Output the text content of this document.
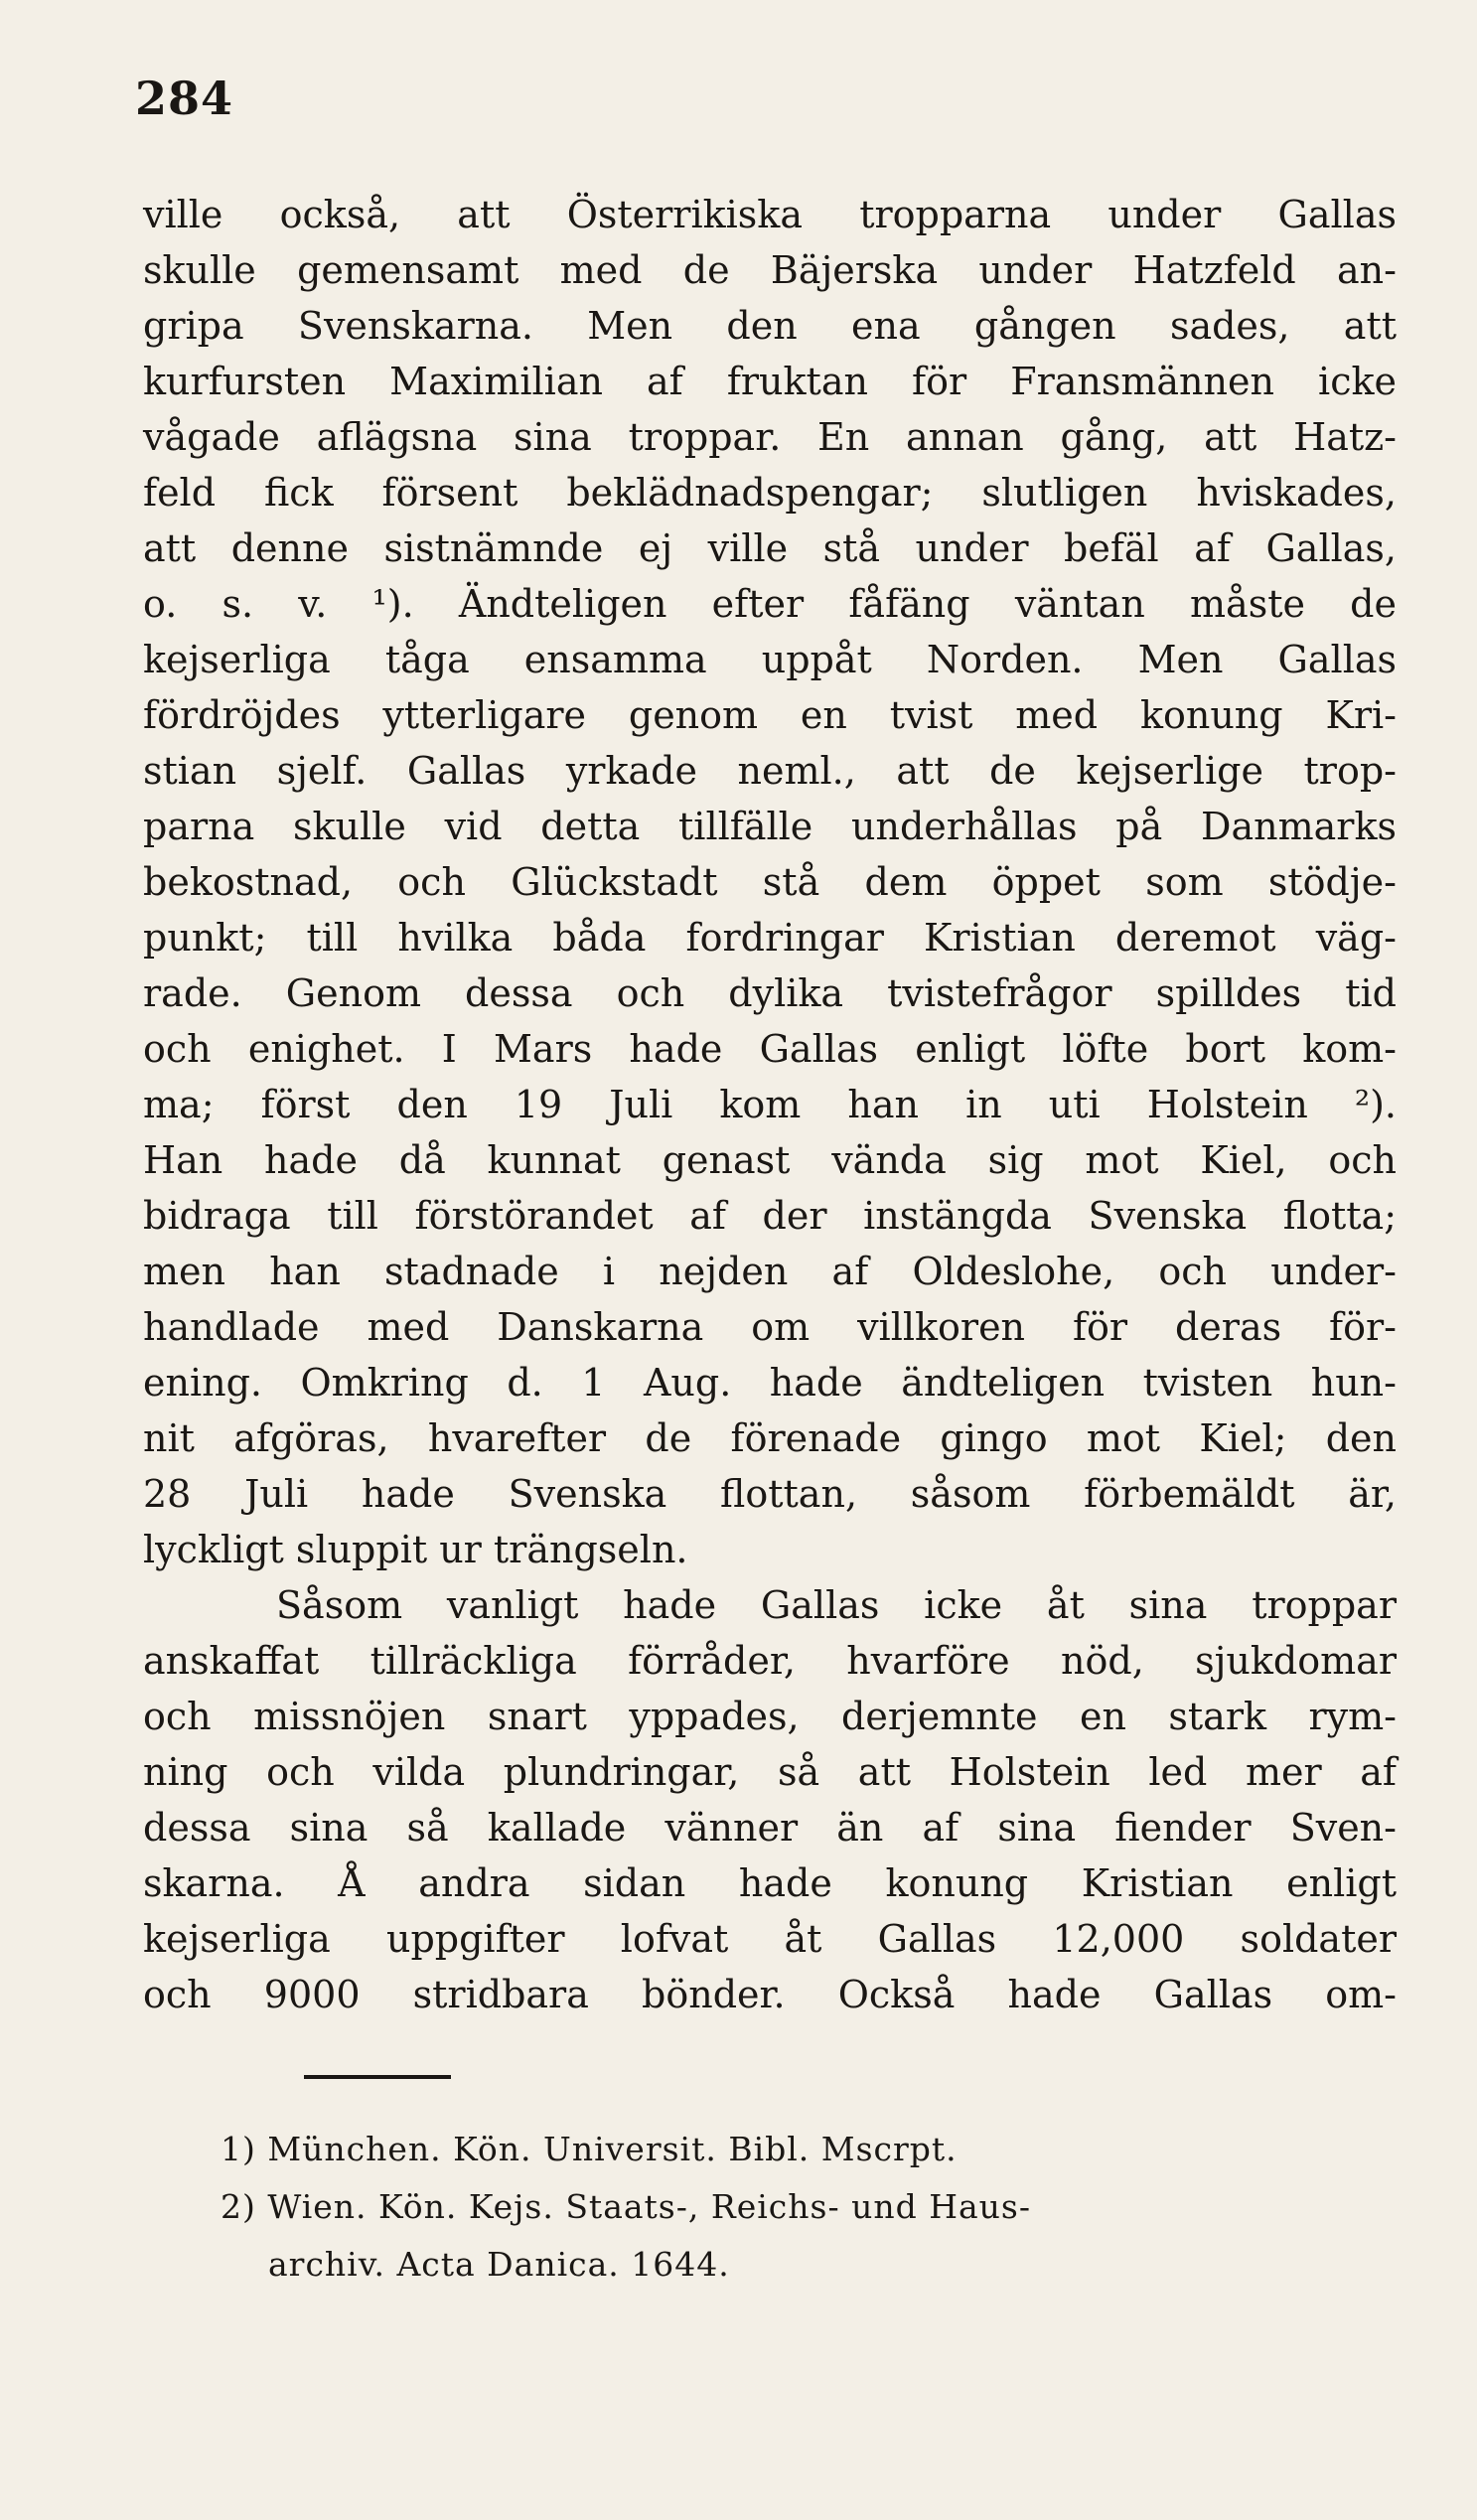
284
ville också, att Österrikiska tropparna under Gallas
skulle gemensamt med de Bäjerska under Hatzfeld an-
gripa Svenskarna. Men den ena gången sades, att
kurfursten Maximilian af fruktan för Fransmännen icke
vågade aflägsna sina troppar. En annan gång, att Hatz-
feld fick försent beklädnadspengar; slutligen hviskades,
att denne sistnämnde ej ville stå under befäl af Gallas,
o. s. v. ¹). Ändteligen efter fåfäng väntan måste de
kejserliga tåga ensamma uppåt Norden. Men Gallas
fördröjdes ytterligare genom en tvist med konung Kri-
stian sjelf. Gallas yrkade neml., att de kejserlige trop-
parna skulle vid detta tillfälle underhållas på Danmarks
bekostnad, och Glückstadt stå dem öppet som stödje-
punkt; till hvilka båda fordringar Kristian deremot väg-
rade. Genom dessa och dylika tvistefrågor spilldes tid
och enighet. I Mars hade Gallas enligt löfte bort kom-
ma; först den 19 Juli kom han in uti Holstein ²).
Han hade då kunnat genast vända sig mot Kiel, och
bidraga till förstörandet af der instängda Svenska flotta;
men han stadnade i nejden af Oldeslohe, och under-
handlade med Danskarna om villkoren för deras för-
ening. Omkring d. 1 Aug. hade ändteligen tvisten hun-
nit afgöras, hvarefter de förenade gingo mot Kiel; den
28 Juli hade Svenska flottan, såsom förbemäldt är,
lyckligt sluppit ur trängseln.
Såsom vanligt hade Gallas icke åt sina troppar
anskaffat tillräckliga förråder, hvarföre nöd, sjukdomar
och missnöjen snart yppades, derjemnte en stark rym-
ning och vilda plundringar, så att Holstein led mer af
dessa sina så kallade vänner än af sina fiender Sven-
skarna. Å andra sidan hade konung Kristian enligt
kejserliga uppgifter lofvat åt Gallas 12,000 soldater
och 9000 stridbara bönder. Också hade Gallas om-
1) München. Kön. Universit. Bibl. Mscrpt.
2) Wien. Kön. Kejs. Staats-, Reichs- und Haus-
archiv. Acta Danica. 1644.
